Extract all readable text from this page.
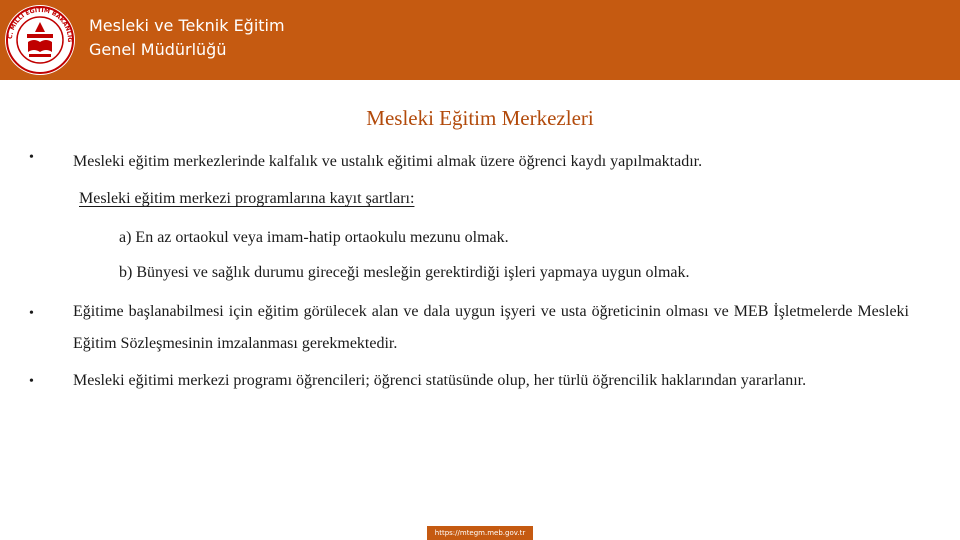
C. MİLLİ EĞİTİM BAKANLIĞ
Mesleki ve Teknik Eğitim
Genel Müdürlüğü
Mesleki Eğitim Merkezleri
• Mesleki eğitim merkezlerinde kalfalık ve ustalık eğitimi almak üzere öğrenci kaydı yapılmaktadır.
Mesleki eğitim merkezi programlarına kayıt şartları:
a) En az ortaokul veya imam-hatip ortaokulu mezunu olmak.
b) Bünyesi ve sağlık durumu gireceği mesleğin gerektirdiği işleri yapmaya uygun olmak.
• Eğitime başlanabilmesi için eğitim görülecek alan ve dala uygun işyeri ve usta öğreticinin olması ve MEB İşletmelerde Mesleki Eğitim Sözleşmesinin imzalanması gerekmektedir.
• Mesleki eğitimi merkezi programı öğrencileri; öğrenci statüsünde olup, her türlü öğrencilik haklarından yararlanır.
https://mtegm.meb.gov.tr
